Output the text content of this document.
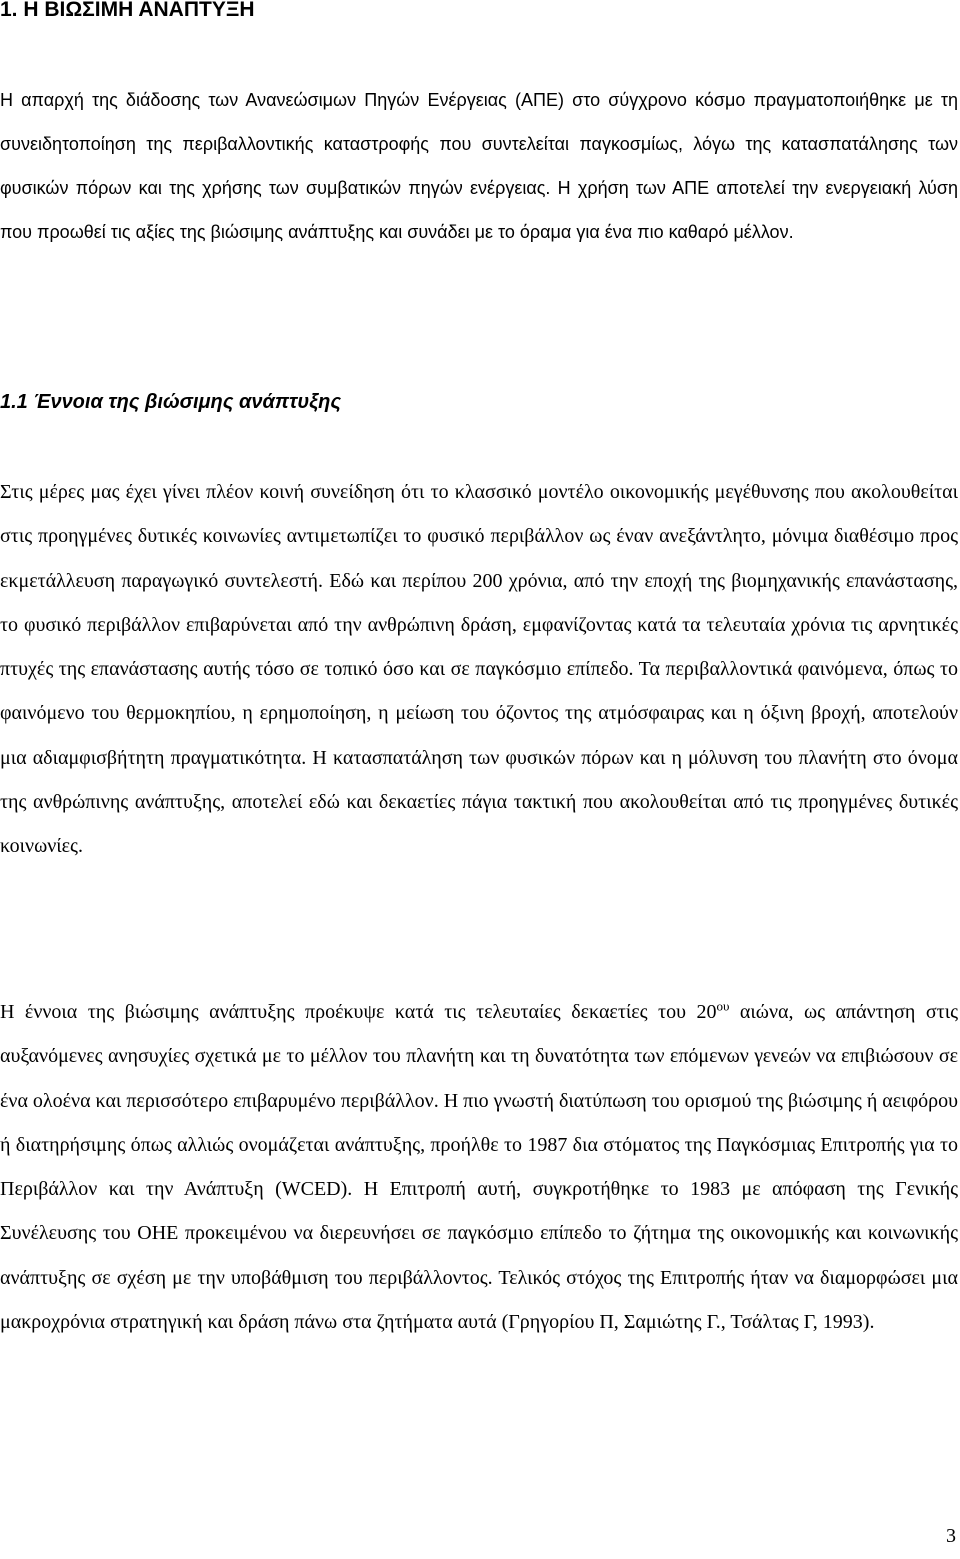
1. Η ΒΙΩΣΙΜΗ ΑΝΑΠΤΥΞΗ

Η απαρχή της διάδοσης των Ανανεώσιμων Πηγών Ενέργειας (ΑΠΕ) στο σύγχρονο κόσμο πραγματοποιήθηκε με τη συνειδητοποίηση της περιβαλλοντικής καταστροφής που συντελείται παγκοσμίως, λόγω της κατασπατάλησης των φυσικών πόρων και της χρήσης των συμβατικών πηγών ενέργειας. Η χρήση των ΑΠΕ αποτελεί την ενεργειακή λύση που προωθεί τις αξίες της βιώσιμης ανάπτυξης και συνάδει με το όραμα για ένα πιο καθαρό μέλλον.

1.1 Έννοια της βιώσιμης ανάπτυξης

Στις μέρες μας έχει γίνει πλέον κοινή συνείδηση ότι το κλασσικό μοντέλο οικονομικής μεγέθυνσης που ακολουθείται στις προηγμένες δυτικές κοινωνίες αντιμετωπίζει το φυσικό περιβάλλον ως έναν ανεξάντλητο, μόνιμα διαθέσιμο προς εκμετάλλευση παραγωγικό συντελεστή. Εδώ και περίπου 200 χρόνια, από την εποχή της βιομηχανικής επανάστασης, το φυσικό περιβάλλον επιβαρύνεται από την ανθρώπινη δράση, εμφανίζοντας κατά τα τελευταία χρόνια τις αρνητικές πτυχές της επανάστασης αυτής τόσο σε τοπικό όσο και σε παγκόσμιο επίπεδο. Τα περιβαλλοντικά φαινόμενα, όπως το φαινόμενο του θερμοκηπίου, η ερημοποίηση, η μείωση του όζοντος της ατμόσφαιρας και η όξινη βροχή, αποτελούν μια αδιαμφισβήτητη πραγματικότητα. Η κατασπατάληση των φυσικών πόρων και η μόλυνση του πλανήτη στο όνομα της ανθρώπινης ανάπτυξης, αποτελεί εδώ και δεκαετίες πάγια τακτική που ακολουθείται από τις προηγμένες δυτικές κοινωνίες.

Η έννοια της βιώσιμης ανάπτυξης προέκυψε κατά τις τελευταίες δεκαετίες του $20^{o\upsilon}$ αιώνα, ως απάντηση στις αυξανόμενες ανησυχίες σχετικά με το μέλλον του πλανήτη και τη δυνατότητα των επόμενων γενεών να επιβιώσουν σε ένα ολοένα και περισσότερο επιβαρυμένο περιβάλλον. Η πιο γνωστή διατύπωση του ορισμού της βιώσιμης ή αειφόρου ή διατηρήσιμης όπως αλλιώς ονομάζεται ανάπτυξης, προήλθε το 1987 δια στόματος της Παγκόσμιας Επιτροπής για το Περιβάλλον και την Ανάπτυξη (WCED). Η Επιτροπή αυτή, συγκροτήθηκε το 1983 με απόφαση της Γενικής Συνέλευσης του ΟΗΕ προκειμένου να διερευνήσει σε παγκόσμιο επίπεδο το ζήτημα της οικονομικής και κοινωνικής ανάπτυξης σε σχέση με την υποβάθμιση του περιβάλλοντος. Τελικός στόχος της Επιτροπής ήταν να διαμορφώσει μια μακροχρόνια στρατηγική και δράση πάνω στα ζητήματα αυτά (Γρηγορίου Π, Σαμιώτης Γ., Τσάλτας Γ, 1993).

3
